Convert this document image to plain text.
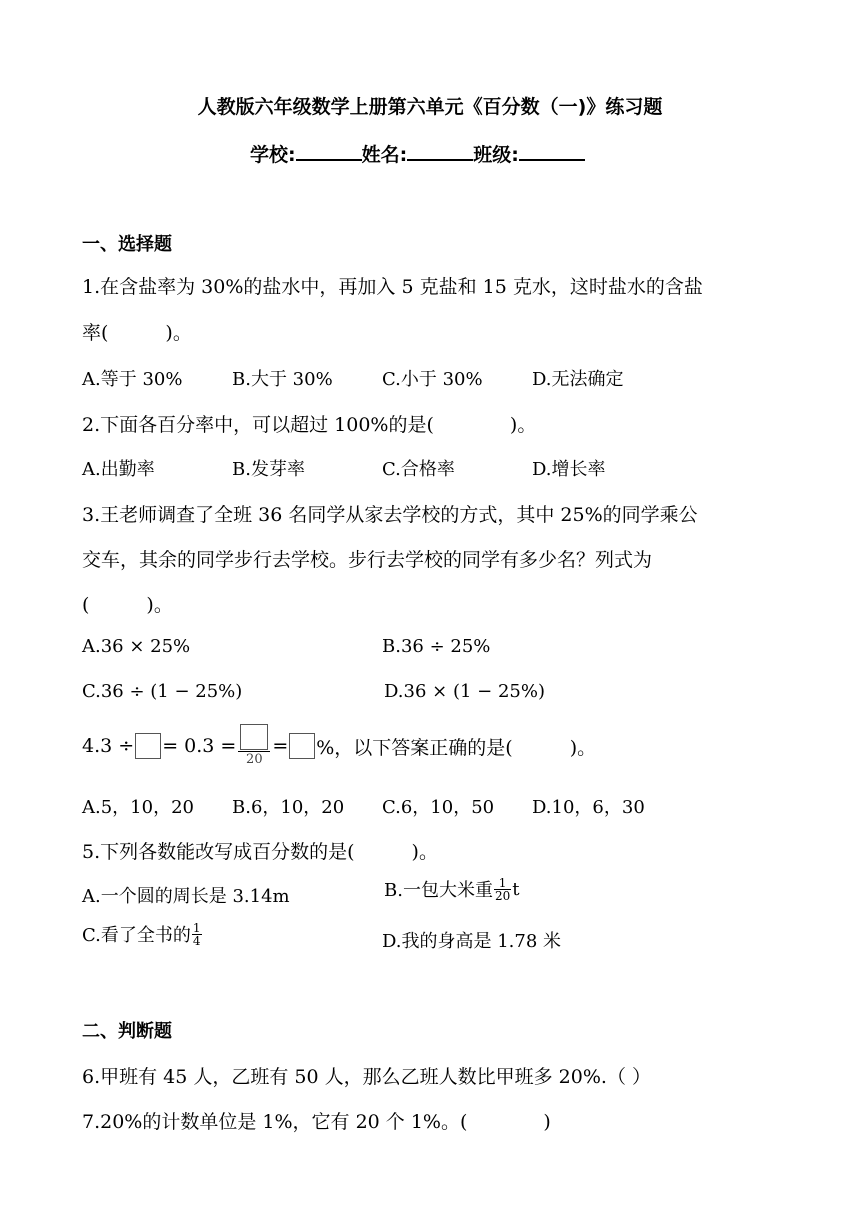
人教版六年级数学上册第六单元《百分数（一)》练习题
学校:	姓名:	班级:
一、选择题
1.在含盐率为 30%的盐水中，再加入 5 克盐和 15 克水，这时盐水的含盐
率(　　　)。
A.等于 30%	B.大于 30%	C.小于 30%	D.无法确定
2.下面各百分率中，可以超过 100%的是(　　　　)。
A.出勤率	B.发芽率	C.合格率	D.增长率
3.王老师调查了全班 36 名同学从家去学校的方式，其中 25%的同学乘公
交车，其余的同学步行去学校。步行去学校的同学有多少名？列式为
(　　　)。
A.36 × 25%	B.36 ÷ 25%
C.36 ÷ (1 − 25%)	D.36 × (1 − 25%)
4.3 ÷ = 0.3 =
20
= %，以下答案正确的是(　　　)。
A.5，10，20 B.6，10，20 C.6，10，50 D.10，6，30
5.下列各数能改写成百分数的是(　　　)。
A.一个圆的周长是 3.14m	B.一包大米重 $\frac{1}{20}$ t
C.看了全书的 $\frac{1}{4}$	D.我的身高是 1.78 米
二、判断题
6.甲班有 45 人，乙班有 50 人，那么乙班人数比甲班多 20%.（ ）
7.20%的计数单位是 1%，它有 20 个 1%。(　　　　)
